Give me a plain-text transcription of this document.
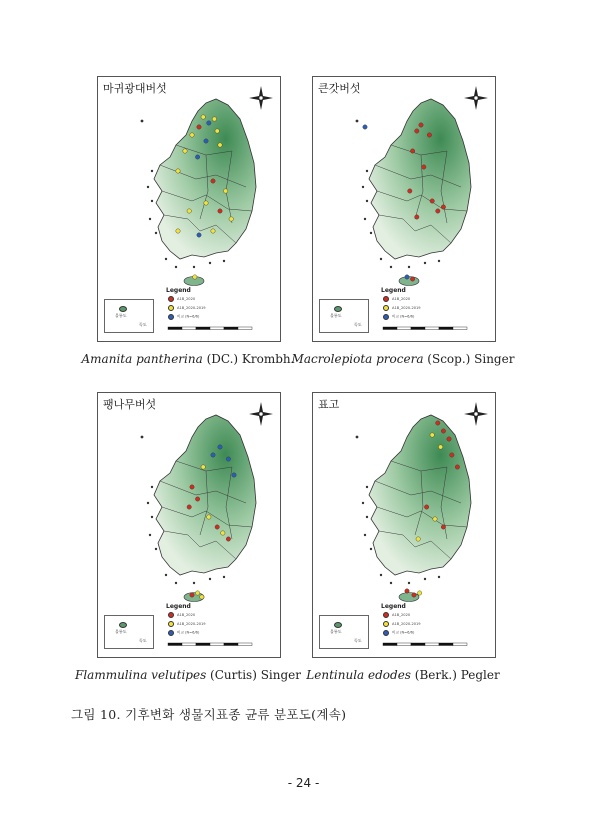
마귀광대버섯
울릉도
독도
Legend
A1B_2020
A1B_2020-2019
비교 (N=6/6)
Amanita pantherina (DC.) Krombh.
큰갓버섯
울릉도
독도
Legend
A1B_2020
A1B_2020-2019
비교 (N=6/6)
Macrolepiota procera (Scop.) Singer
팽나무버섯
울릉도
독도
Legend
A1B_2020
A1B_2020-2019
비교 (N=6/6)
Flammulina velutipes (Curtis) Singer
표고
울릉도
독도
Legend
A1B_2020
A1B_2020-2019
비교 (N=6/6)
Lentinula edodes (Berk.) Pegler
그림 10. 기후변화 생물지표종 균류 분포도(계속)
- 24 -
